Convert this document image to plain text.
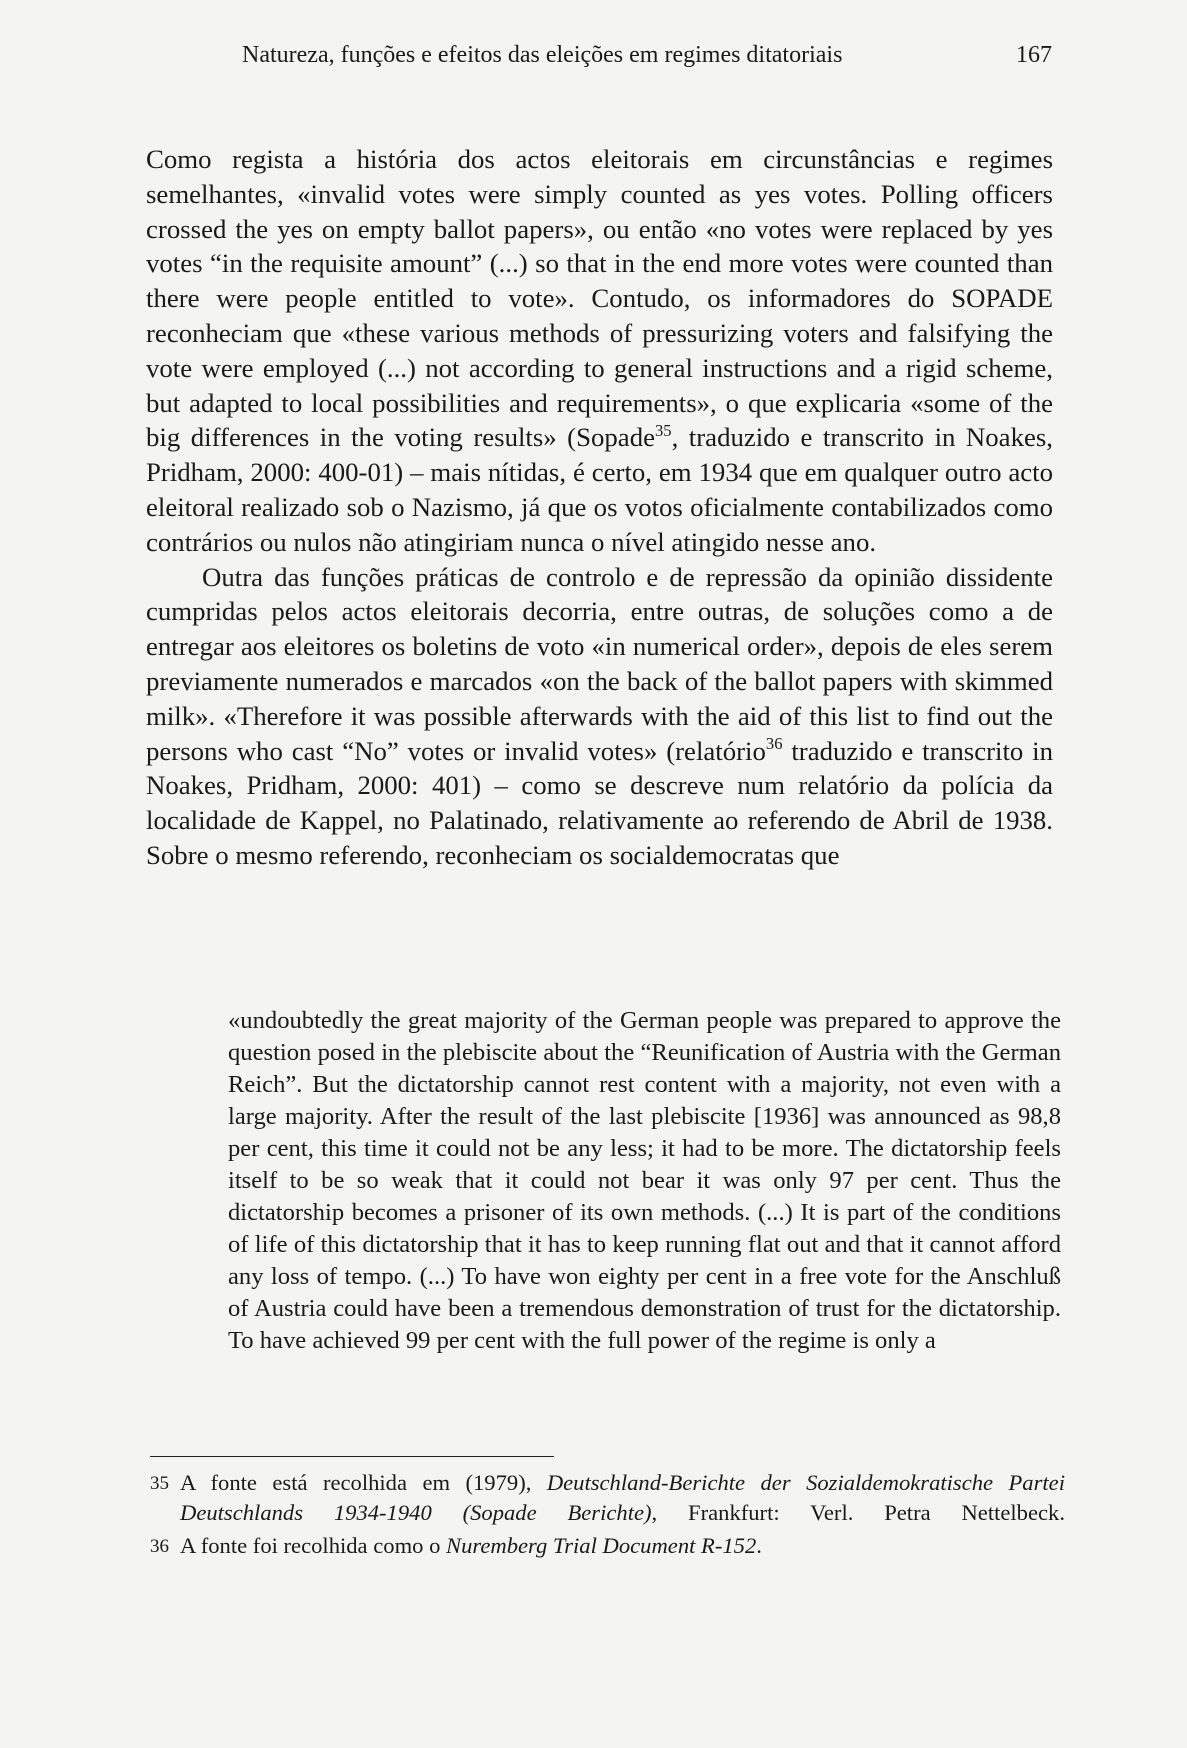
Natureza, funções e efeitos das eleições em regimes ditatoriais	167

Como regista a história dos actos eleitorais em circunstâncias e regimes semelhantes, «invalid votes were simply counted as yes votes. Polling officers crossed the yes on empty ballot papers», ou então «no votes were replaced by yes votes “in the requisite amount” (...) so that in the end more votes were counted than there were people entitled to vote». Contudo, os informadores do SOPADE reconheciam que «these various methods of pressurizing voters and falsifying the vote were employed (...) not according to general instructions and a rigid scheme, but adapted to local possibilities and requirements», o que explicaria «some of the big differences in the voting results» (Sopade$^{35}$, traduzido e transcrito in Noakes, Pridham, 2000: 400-01) – mais nítidas, é certo, em 1934 que em qualquer outro acto eleitoral realizado sob o Nazismo, já que os votos oficialmente contabilizados como contrários ou nulos não atingiriam nunca o nível atingido nesse ano.

Outra das funções práticas de controlo e de repressão da opinião dissidente cumpridas pelos actos eleitorais decorria, entre outras, de soluções como a de entregar aos eleitores os boletins de voto «in numerical order», depois de eles serem previamente numerados e marcados «on the back of the ballot papers with skimmed milk». «Therefore it was possible afterwards with the aid of this list to find out the persons who cast “No” votes or invalid votes» (relatório$^{36}$ traduzido e transcrito in Noakes, Pridham, 2000: 401) – como se descreve num relatório da polícia da localidade de Kappel, no Palatinado, relativamente ao referendo de Abril de 1938. Sobre o mesmo referendo, reconheciam os socialdemocratas que

«undoubtedly the great majority of the German people was prepared to approve the question posed in the plebiscite about the “Reunification of Austria with the German Reich”. But the dictatorship cannot rest content with a majority, not even with a large majority. After the result of the last plebiscite [1936] was announced as 98,8 per cent, this time it could not be any less; it had to be more. The dictatorship feels itself to be so weak that it could not bear it was only 97 per cent. Thus the dictatorship becomes a prisoner of its own methods. (...) It is part of the conditions of life of this dictatorship that it has to keep running flat out and that it cannot afford any loss of tempo. (...) To have won eighty per cent in a free vote for the Anschluß of Austria could have been a tremendous demonstration of trust for the dictatorship. To have achieved 99 per cent with the full power of the regime is only a

35 A fonte está recolhida em (1979), Deutschland-Berichte der Sozialdemokratische Partei Deutschlands 1934-1940 (Sopade Berichte), Frankfurt: Verl. Petra Nettelbeck.
36 A fonte foi recolhida como o Nuremberg Trial Document R-152.
